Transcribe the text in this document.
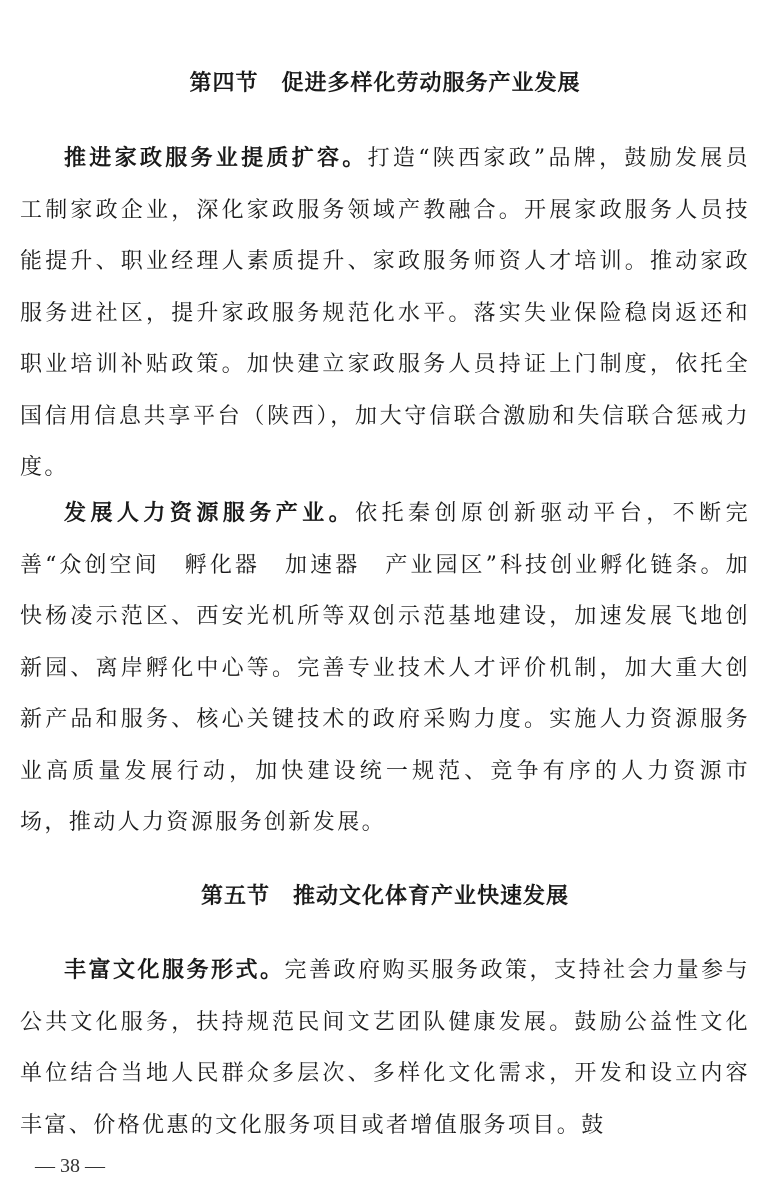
第四节　促进多样化劳动服务产业发展

推进家政服务业提质扩容。打造“陕西家政”品牌，鼓励发展员工制家政企业，深化家政服务领域产教融合。开展家政服务人员技能提升、职业经理人素质提升、家政服务师资人才培训。推动家政服务进社区，提升家政服务规范化水平。落实失业保险稳岗返还和职业培训补贴政策。加快建立家政服务人员持证上门制度，依托全国信用信息共享平台（陕西），加大守信联合激励和失信联合惩戒力度。

发展人力资源服务产业。依托秦创原创新驱动平台，不断完善“众创空间　孵化器　加速器　产业园区”科技创业孵化链条。加快杨凌示范区、西安光机所等双创示范基地建设，加速发展飞地创新园、离岸孵化中心等。完善专业技术人才评价机制，加大重大创新产品和服务、核心关键技术的政府采购力度。实施人力资源服务业高质量发展行动，加快建设统一规范、竞争有序的人力资源市场，推动人力资源服务创新发展。

第五节　推动文化体育产业快速发展

丰富文化服务形式。完善政府购买服务政策，支持社会力量参与公共文化服务，扶持规范民间文艺团队健康发展。鼓励公益性文化单位结合当地人民群众多层次、多样化文化需求，开发和设立内容丰富、价格优惠的文化服务项目或者增值服务项目。鼓

— 38 —
